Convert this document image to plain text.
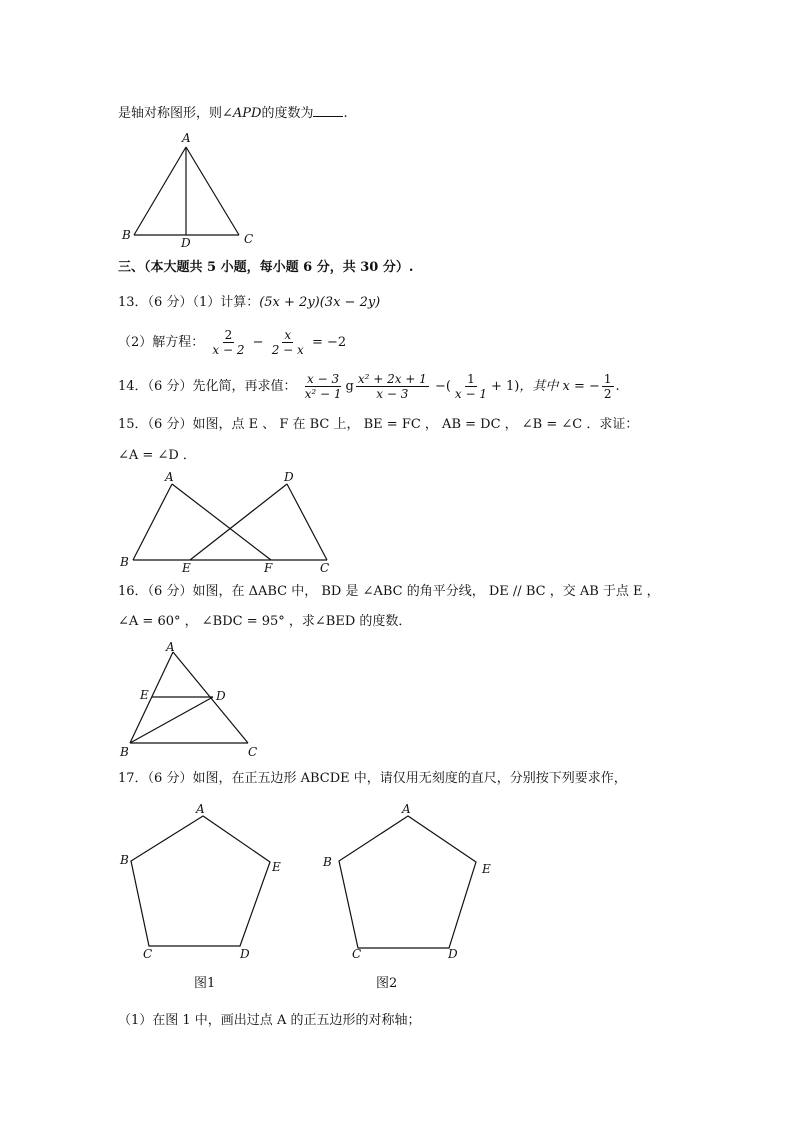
是轴对称图形，则∠APD的度数为 .
A
B
D	C
三、（本大题共 5 小题，每小题 6 分，共 30 分）.
13．（6 分）（1）计算：(5x + 2y)(3x − 2y)
（2）解方程： $\frac{2}{x - 2} - \frac{x}{2 - x} = -2$
14．（6 分）先化简，再求值： $\frac{x - 3}{\text{x² − 1}}$ g $\frac{\text{x² + 2x + 1}}{x - 3}$ −( $\frac{1}{x - 1} + 1$)，其中 x = − $\frac{1}{2}$ .
15．（6 分）如图，点 E 、 F 在 BC 上， BE = FC ， AB = DC ， ∠B = ∠C ．求证：
∠A = ∠D ．
A	D
B	E	F	C
16．（6 分）如图，在 ΔABC 中， BD 是 ∠ABC 的角平分线， DE // BC ，交 AB 于点 E ，
∠A = 60° ， ∠BDC = 95° ，求∠BED 的度数．
A
E	D
B	C
17．（6 分）如图，在正五边形 ABCDE 中，请仅用无刻度的直尺，分别按下列要求作，
A
B	E
C	D
A
B	E
C	D
图1	图2
（1）在图 1 中，画出过点 A 的正五边形的对称轴；
